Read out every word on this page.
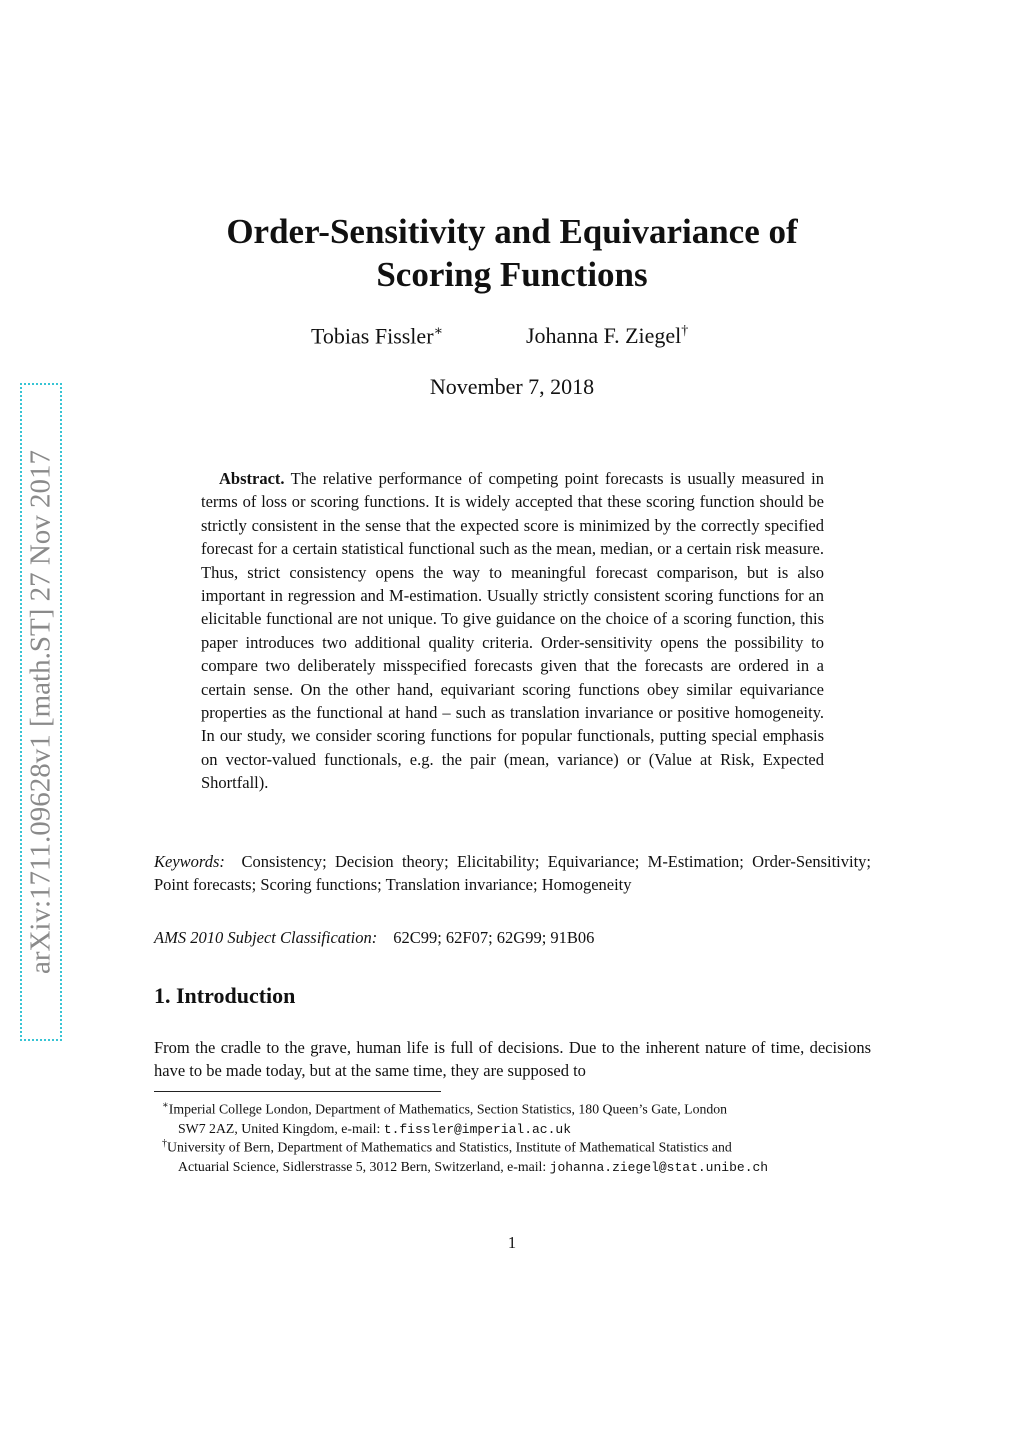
arXiv:1711.09628v1 [math.ST] 27 Nov 2017
Order-Sensitivity and Equivariance of
Scoring Functions
Tobias Fissler∗	Johanna F. Ziegel†
November 7, 2018
Abstract. The relative performance of competing point forecasts is usually measured in terms of loss or scoring functions. It is widely accepted that these scoring function should be strictly consistent in the sense that the expected score is minimized by the correctly specified forecast for a certain statistical functional such as the mean, median, or a certain risk measure. Thus, strict consistency opens the way to meaningful forecast comparison, but is also important in regression and M-estimation. Usually strictly consistent scoring functions for an elicitable functional are not unique. To give guidance on the choice of a scoring function, this paper introduces two additional quality criteria. Order-sensitivity opens the possibility to compare two deliberately misspecified forecasts given that the forecasts are ordered in a certain sense. On the other hand, equivariant scoring functions obey similar equivariance properties as the functional at hand – such as translation invariance or positive homogeneity. In our study, we consider scoring functions for popular functionals, putting special emphasis on vector-valued functionals, e.g. the pair (mean, variance) or (Value at Risk, Expected Shortfall).
Keywords: Consistency; Decision theory; Elicitability; Equivariance; M-Estimation; Order-Sensitivity; Point forecasts; Scoring functions; Translation invariance; Homogeneity
AMS 2010 Subject Classification: 62C99; 62F07; 62G99; 91B06
1. Introduction
From the cradle to the grave, human life is full of decisions. Due to the inherent nature of time, decisions have to be made today, but at the same time, they are supposed to
∗Imperial College London, Department of Mathematics, Section Statistics, 180 Queen’s Gate, London
SW7 2AZ, United Kingdom, e-mail: t.fissler@imperial.ac.uk
†University of Bern, Department of Mathematics and Statistics, Institute of Mathematical Statistics and
Actuarial Science, Sidlerstrasse 5, 3012 Bern, Switzerland, e-mail: johanna.ziegel@stat.unibe.ch
1
